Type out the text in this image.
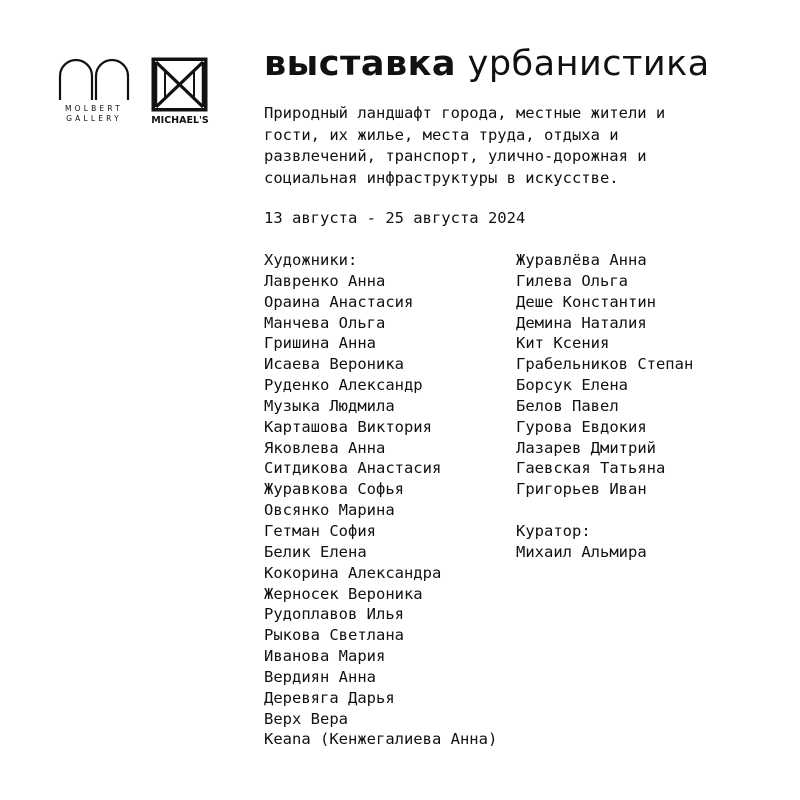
MOLBERT
GALLERY	MICHAEL'S
выставка урбанистика

Природный ландшафт города, местные жители и
гости, их жилье, места труда, отдыха и
развлечений, транспорт, улично-дорожная и
социальная инфраструктуры в искусстве.

13 августа - 25 августа 2024

Художники:
Лавренко Анна
Ораина Анастасия
Манчева Ольга
Гришина Анна
Исаева Вероника
Руденко Александр
Музыка Людмила
Карташова Виктория
Яковлева Анна
Ситдикова Анастасия
Журавкова Софья
Овсянко Марина
Гетман София
Белик Елена
Кокорина Александра
Жерносек Вероника
Рудоплавов Илья
Рыкова Светлана
Иванова Мария
Вердиян Анна
Деревяга Дарья
Верх Вера
Keana (Кенжегалиева Анна)
Журавлёва Анна
Гилева Ольга
Деше Константин
Демина Наталия
Кит Ксения
Грабельников Степан
Борсук Елена
Белов Павел
Гурова Евдокия
Лазарев Дмитрий
Гаевская Татьяна
Григорьев Иван
Куратор:
Михаил Альмира
